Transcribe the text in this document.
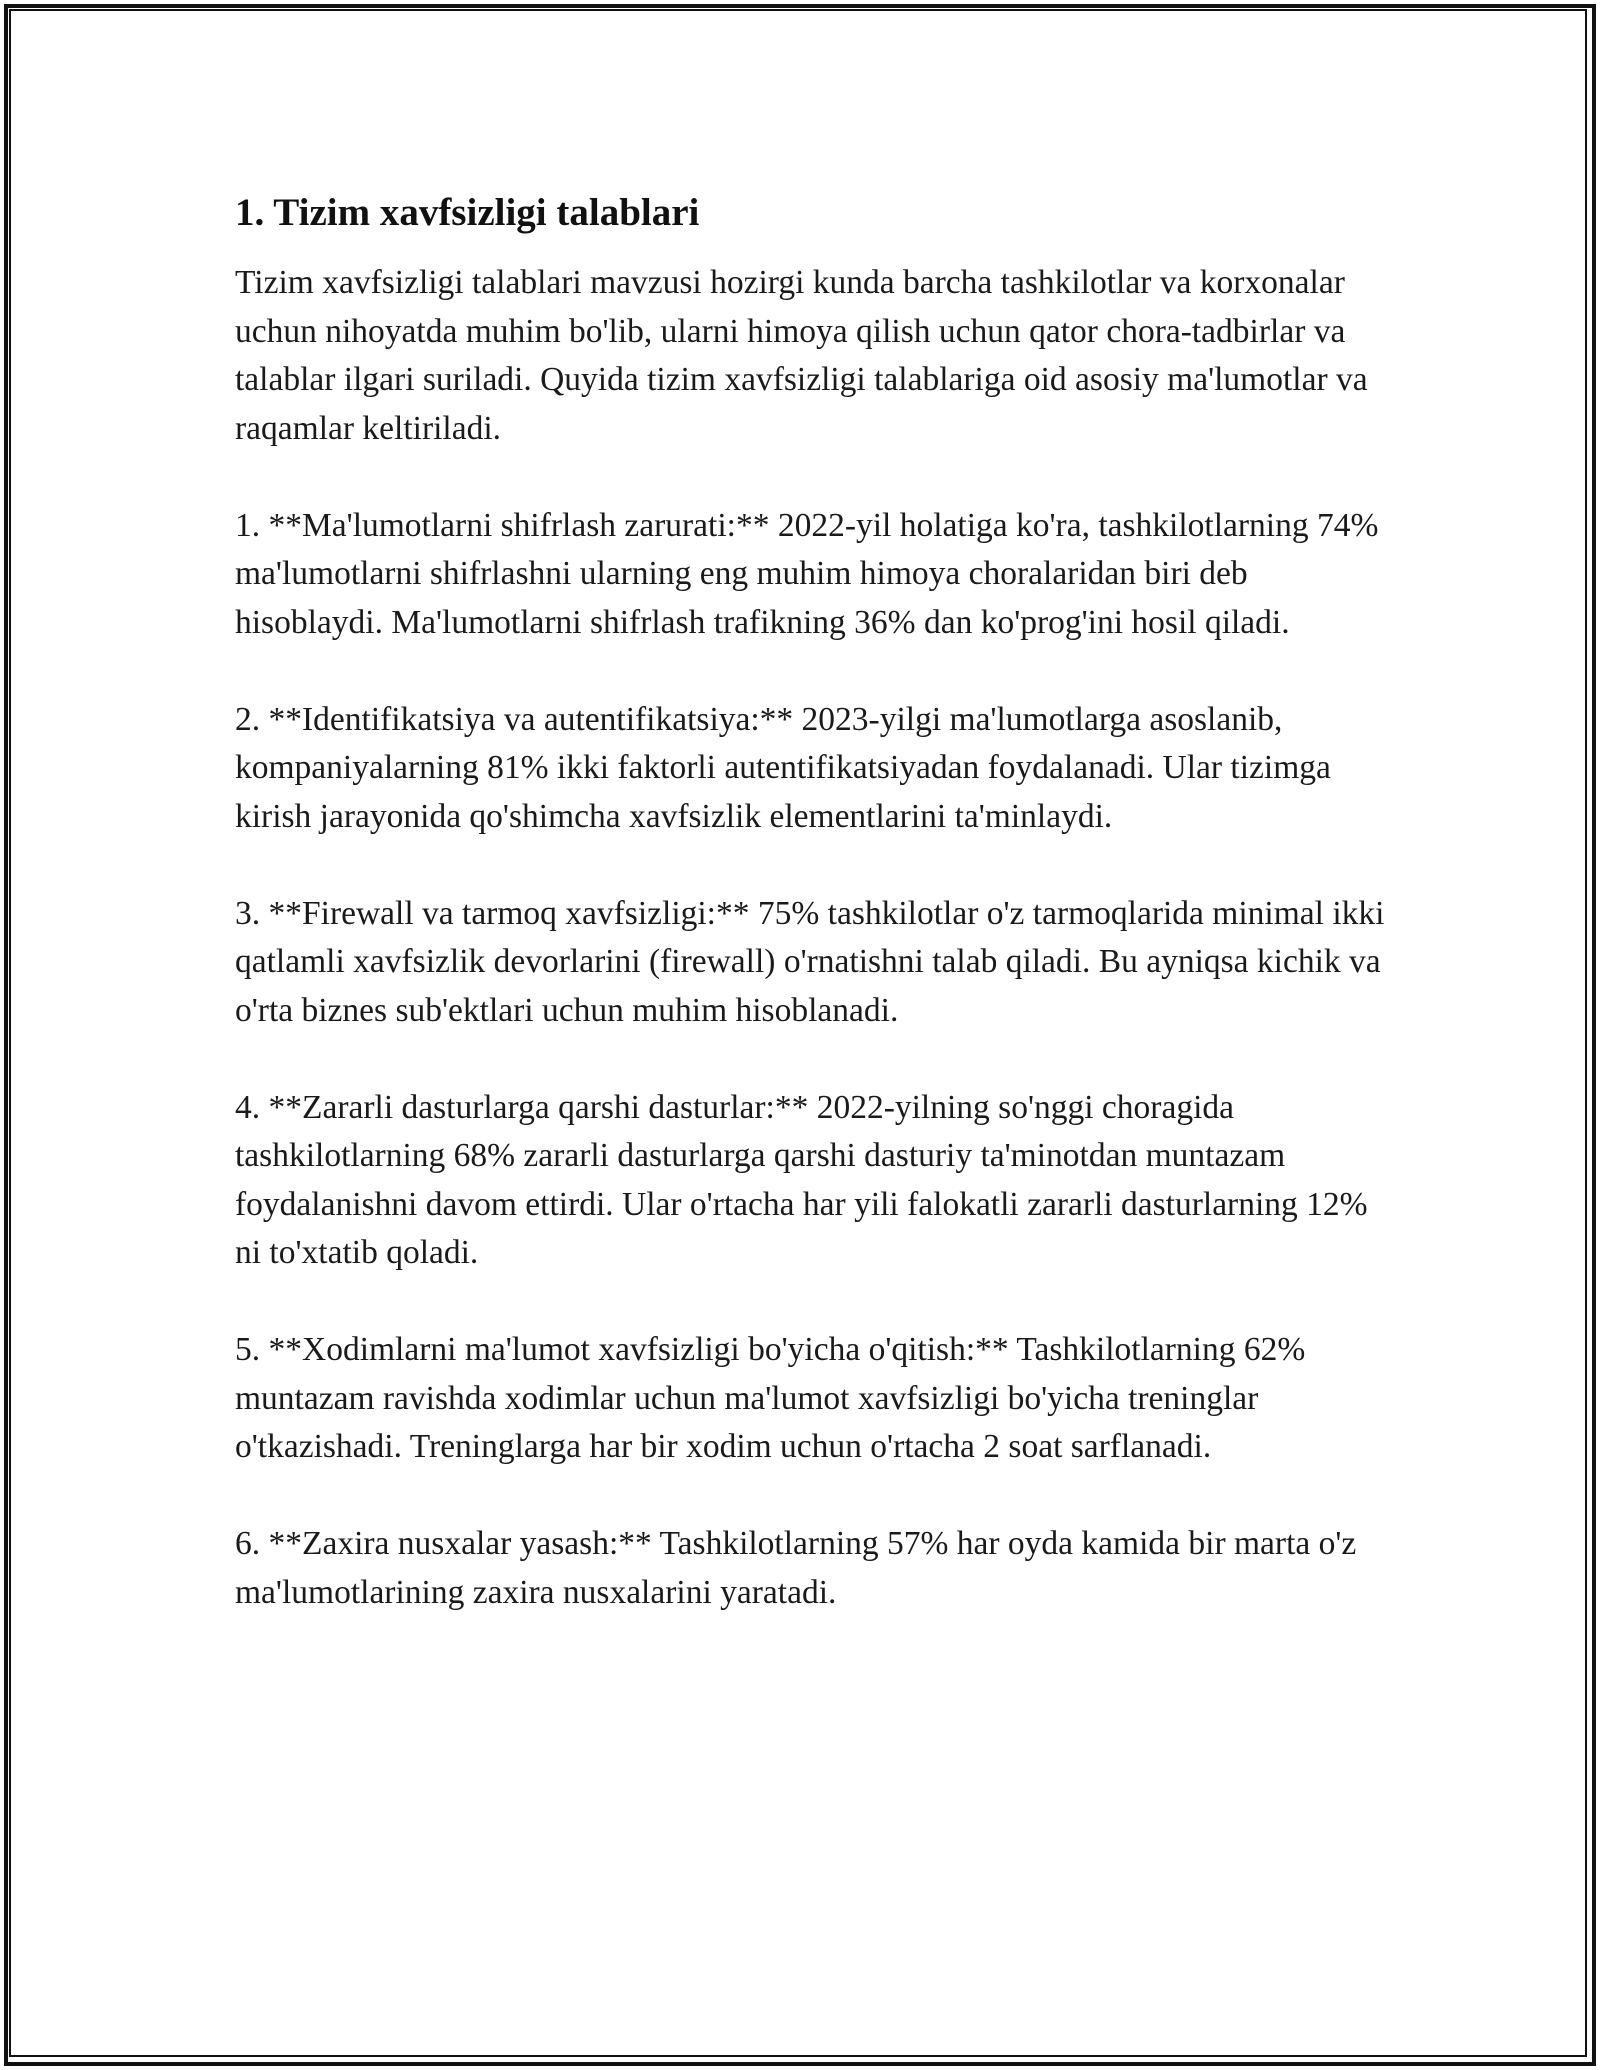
1. Tizim xavfsizligi talablari

Tizim xavfsizligi talablari mavzusi hozirgi kunda barcha tashkilotlar va korxonalar uchun nihoyatda muhim bo'lib, ularni himoya qilish uchun qator chora-tadbirlar va talablar ilgari suriladi. Quyida tizim xavfsizligi talablariga oid asosiy ma'lumotlar va raqamlar keltiriladi.

1. **Ma'lumotlarni shifrlash zarurati:** 2022-yil holatiga ko'ra, tashkilotlarning 74% ma'lumotlarni shifrlashni ularning eng muhim himoya choralaridan biri deb hisoblaydi. Ma'lumotlarni shifrlash trafikning 36% dan ko'prog'ini hosil qiladi.

2. **Identifikatsiya va autentifikatsiya:** 2023-yilgi ma'lumotlarga asoslanib, kompaniyalarning 81% ikki faktorli autentifikatsiyadan foydalanadi. Ular tizimga kirish jarayonida qo'shimcha xavfsizlik elementlarini ta'minlaydi.

3. **Firewall va tarmoq xavfsizligi:** 75% tashkilotlar o'z tarmoqlarida minimal ikki qatlamli xavfsizlik devorlarini (firewall) o'rnatishni talab qiladi. Bu ayniqsa kichik va o'rta biznes sub'ektlari uchun muhim hisoblanadi.

4. **Zararli dasturlarga qarshi dasturlar:** 2022-yilning so'nggi choragida tashkilotlarning 68% zararli dasturlarga qarshi dasturiy ta'minotdan muntazam foydalanishni davom ettirdi. Ular o'rtacha har yili falokatli zararli dasturlarning 12% ni to'xtatib qoladi.

5. **Xodimlarni ma'lumot xavfsizligi bo'yicha o'qitish:** Tashkilotlarning 62% muntazam ravishda xodimlar uchun ma'lumot xavfsizligi bo'yicha treninglar o'tkazishadi. Treninglarga har bir xodim uchun o'rtacha 2 soat sarflanadi.

6. **Zaxira nusxalar yasash:** Tashkilotlarning 57% har oyda kamida bir marta o'z ma'lumotlarining zaxira nusxalarini yaratadi.
